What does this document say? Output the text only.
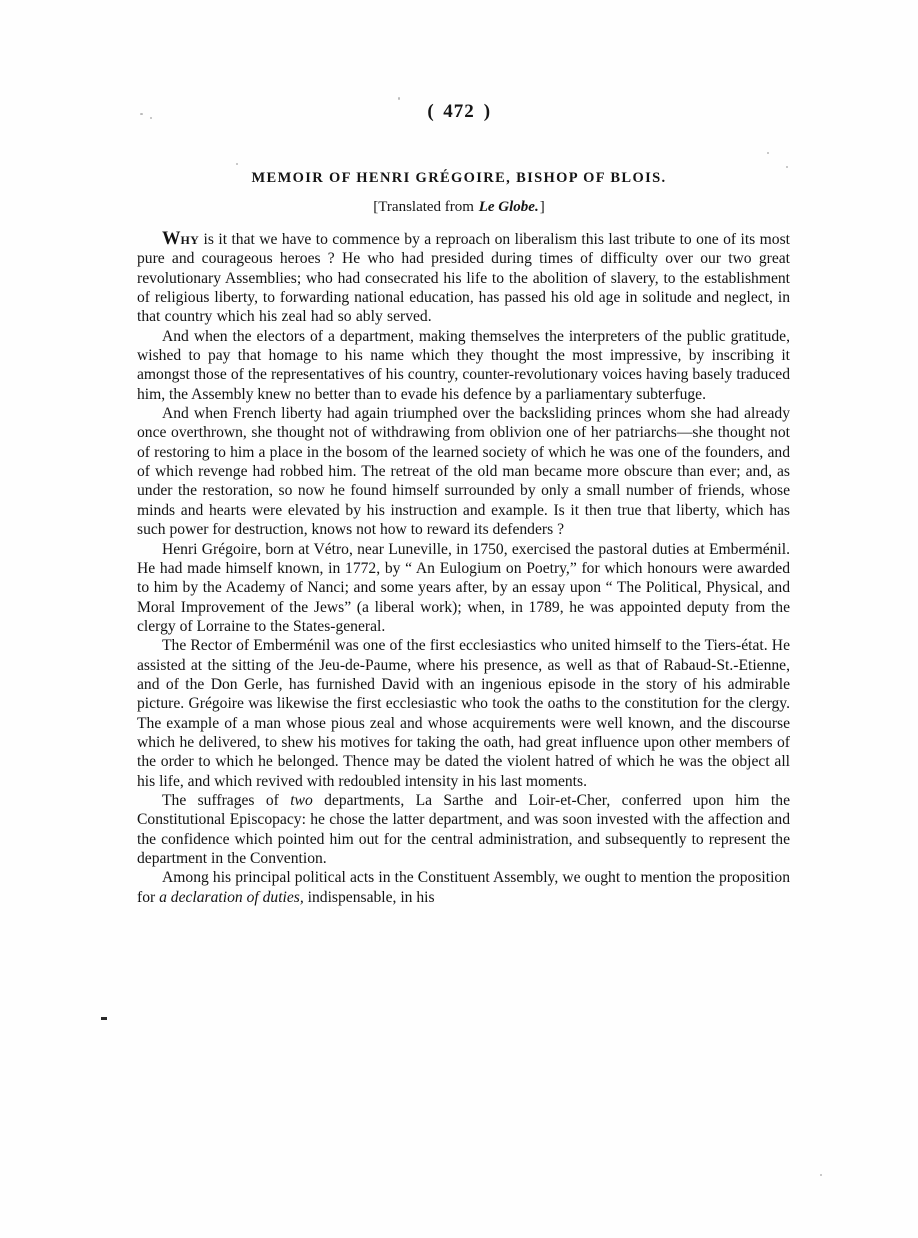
( 472 )
MEMOIR OF HENRI GRÉGOIRE, BISHOP OF BLOIS.
[Translated from Le Globe.]

Why is it that we have to commence by a reproach on liberalism this last tribute to one of its most pure and courageous heroes ? He who had presided during times of difficulty over our two great revolutionary Assemblies; who had consecrated his life to the abolition of slavery, to the establishment of religious liberty, to forwarding national education, has passed his old age in solitude and neglect, in that country which his zeal had so ably served.

And when the electors of a department, making themselves the interpreters of the public gratitude, wished to pay that homage to his name which they thought the most impressive, by inscribing it amongst those of the representatives of his country, counter-revolutionary voices having basely traduced him, the Assembly knew no better than to evade his defence by a parliamentary subterfuge.

And when French liberty had again triumphed over the backsliding princes whom she had already once overthrown, she thought not of withdrawing from oblivion one of her patriarchs—she thought not of restoring to him a place in the bosom of the learned society of which he was one of the founders, and of which revenge had robbed him. The retreat of the old man became more obscure than ever; and, as under the restoration, so now he found himself surrounded by only a small number of friends, whose minds and hearts were elevated by his instruction and example. Is it then true that liberty, which has such power for destruction, knows not how to reward its defenders ?

Henri Grégoire, born at Vétro, near Luneville, in 1750, exercised the pastoral duties at Emberménil. He had made himself known, in 1772, by “ An Eulogium on Poetry,” for which honours were awarded to him by the Academy of Nanci; and some years after, by an essay upon “ The Political, Physical, and Moral Improvement of the Jews” (a liberal work); when, in 1789, he was appointed deputy from the clergy of Lorraine to the States-general.

The Rector of Emberménil was one of the first ecclesiastics who united himself to the Tiers-état. He assisted at the sitting of the Jeu-de-Paume, where his presence, as well as that of Rabaud-St.-Etienne, and of the Don Gerle, has furnished David with an ingenious episode in the story of his admirable picture. Grégoire was likewise the first ecclesiastic who took the oaths to the constitution for the clergy. The example of a man whose pious zeal and whose acquirements were well known, and the discourse which he delivered, to shew his motives for taking the oath, had great influence upon other members of the order to which he belonged. Thence may be dated the violent hatred of which he was the object all his life, and which revived with redoubled intensity in his last moments.

The suffrages of two departments, La Sarthe and Loir-et-Cher, conferred upon him the Constitutional Episcopacy: he chose the latter department, and was soon invested with the affection and the confidence which pointed him out for the central administration, and subsequently to represent the department in the Convention.

Among his principal political acts in the Constituent Assembly, we ought to mention the proposition for a declaration of duties, indispensable, in his
